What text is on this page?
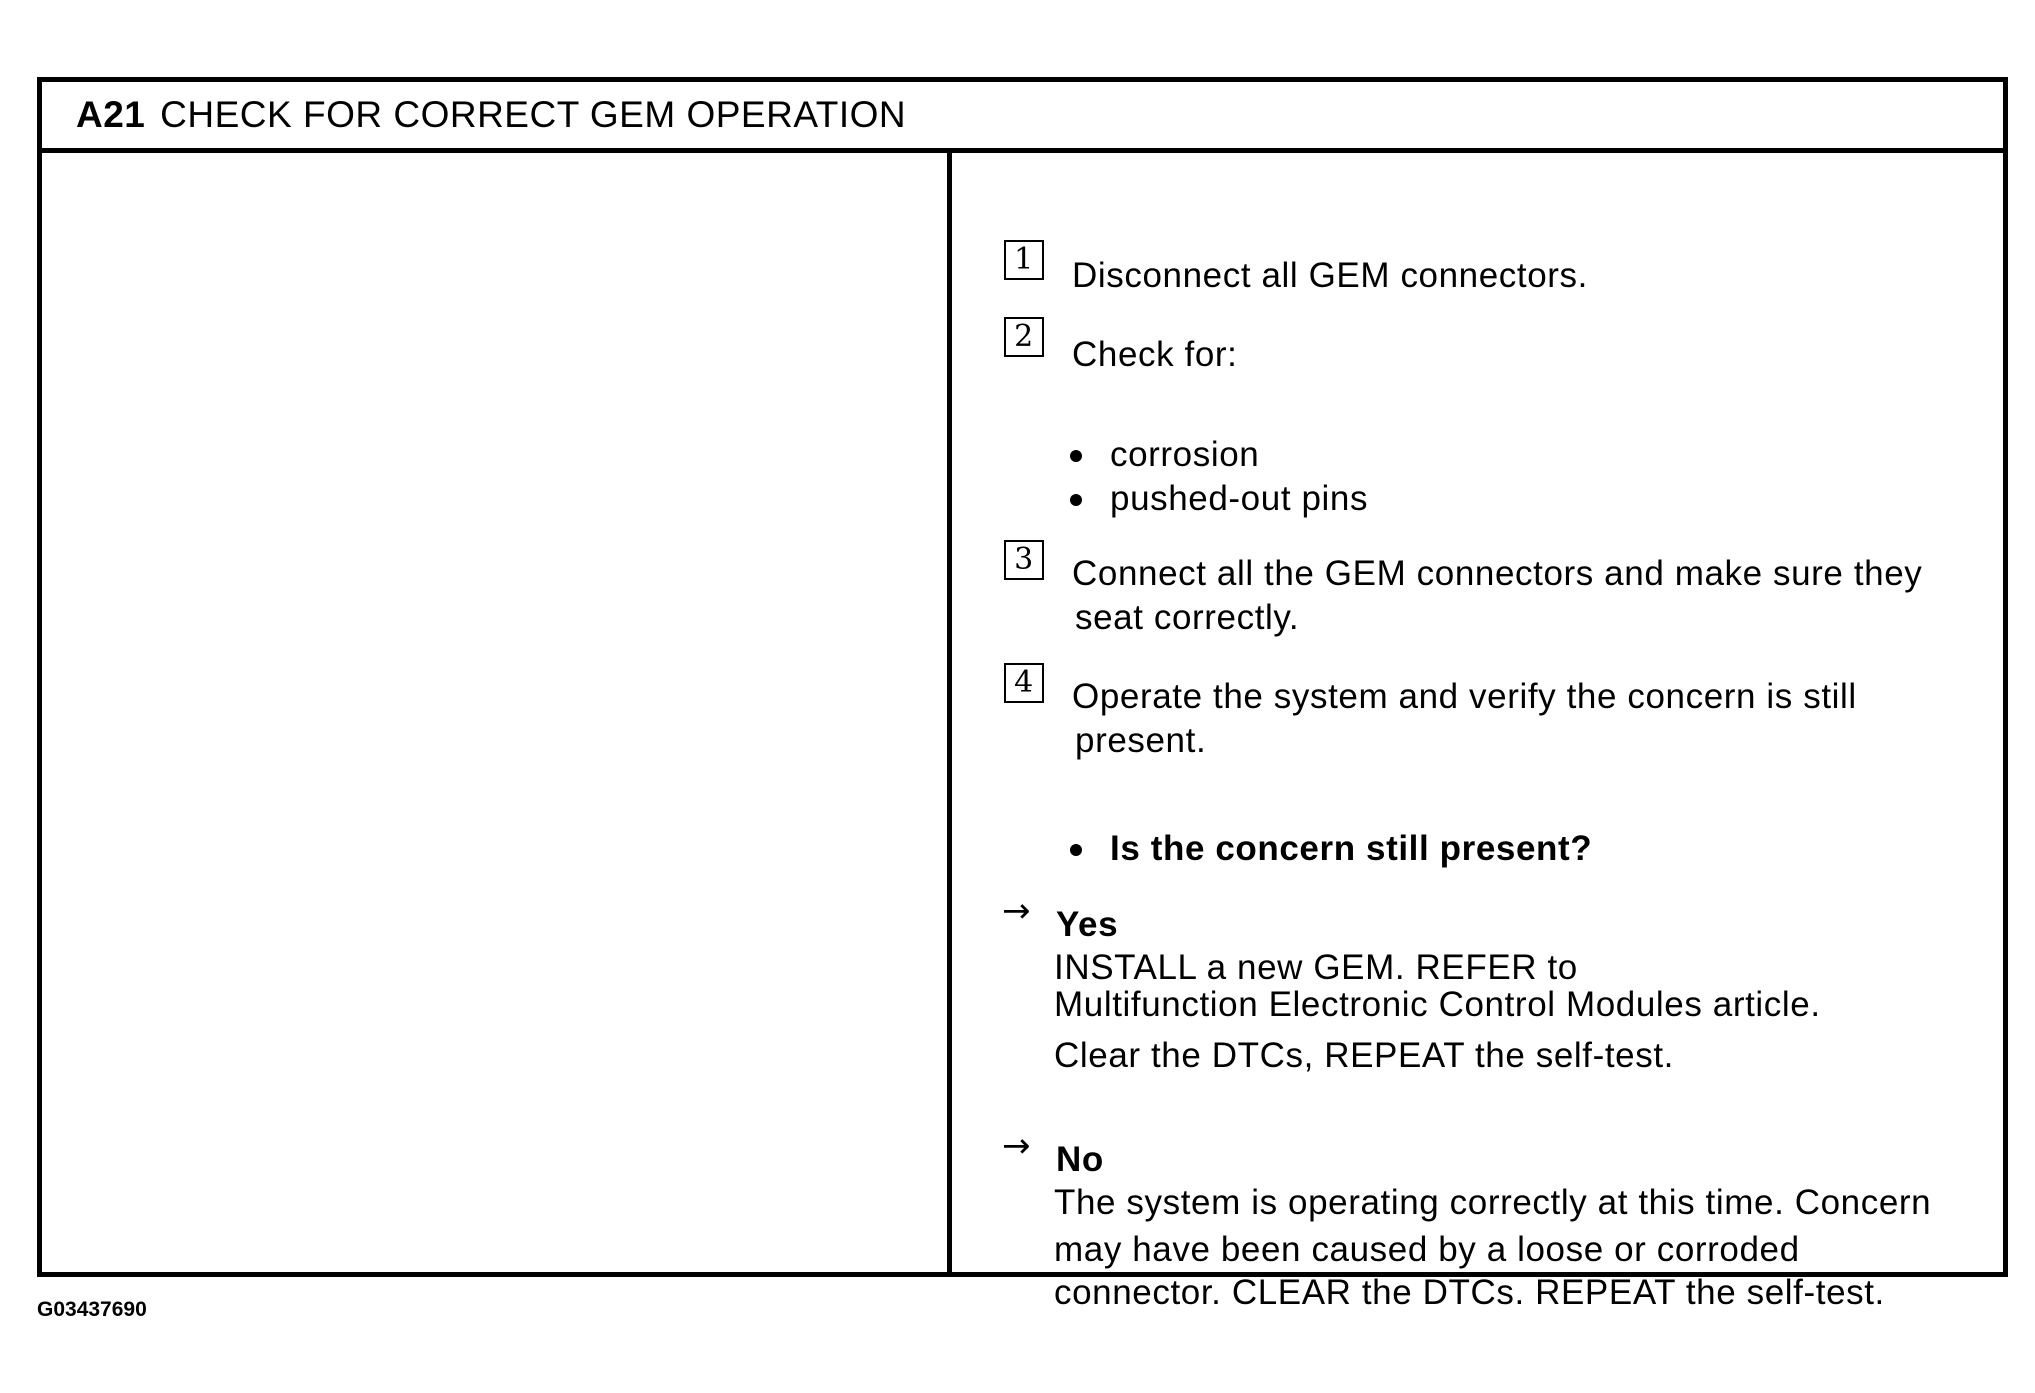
A21 CHECK FOR CORRECT GEM OPERATION
1 Disconnect all GEM connectors.
2 Check for:
corrosion
pushed-out pins
3 Connect all the GEM connectors and make sure they
seat correctly.
4 Operate the system and verify the concern is still
present.
Is the concern still present?
→ Yes
INSTALL a new GEM. REFER to
Multifunction Electronic Control Modules article.
Clear the DTCs, REPEAT the self-test.
→ No
The system is operating correctly at this time. Concern
may have been caused by a loose or corroded
connector. CLEAR the DTCs. REPEAT the self-test.
G03437690
